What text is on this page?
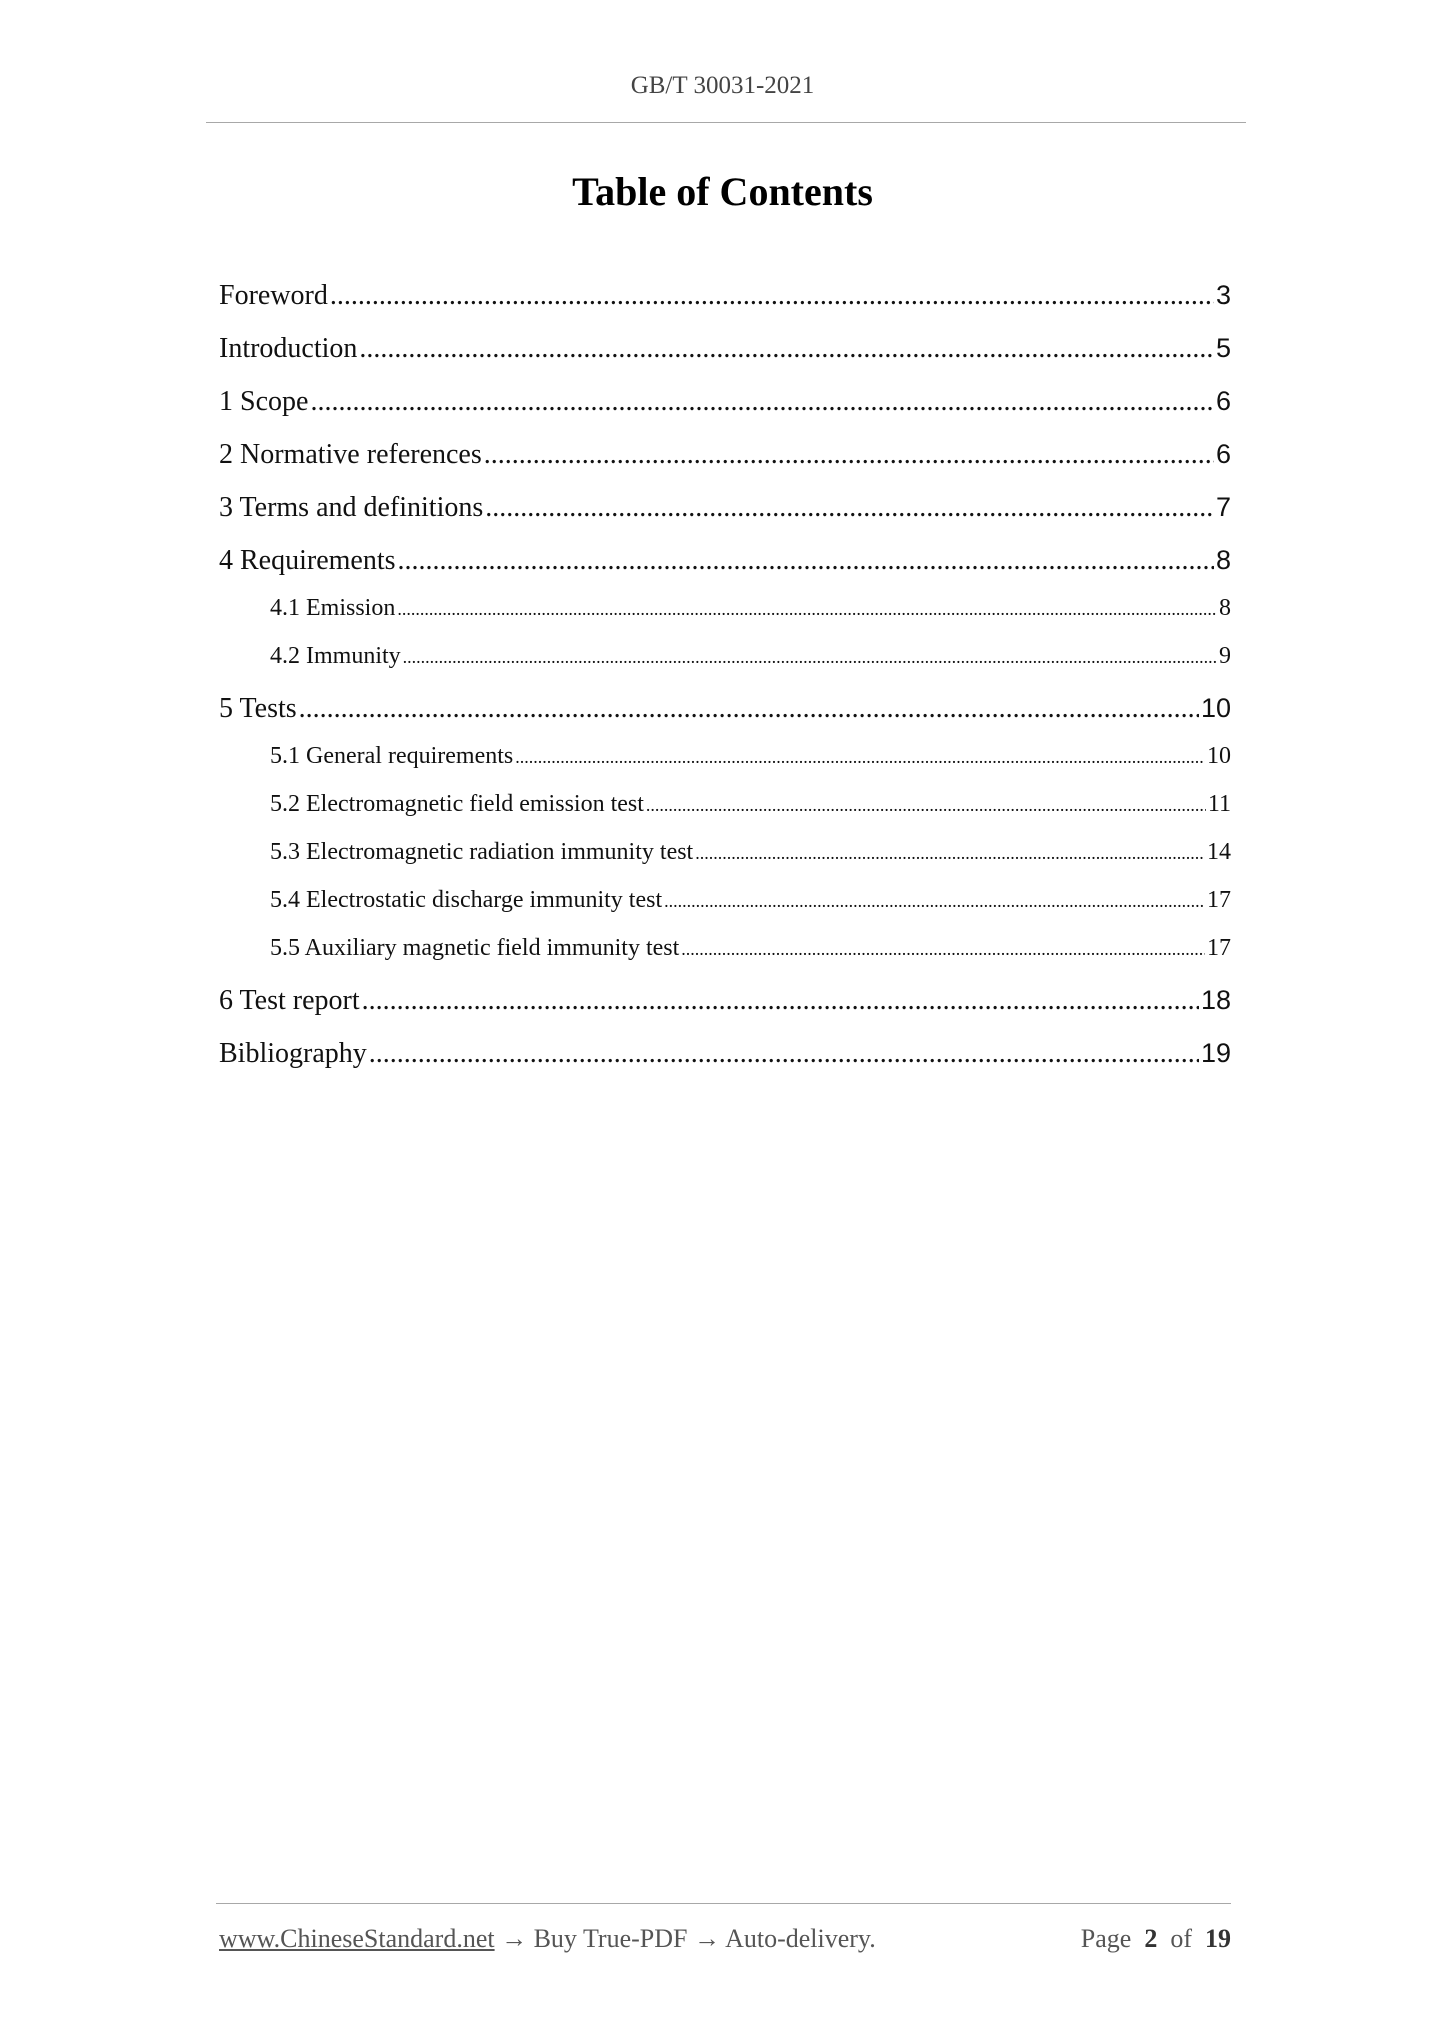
GB/T 30031-2021
Table of Contents
Foreword .....	3
Introduction .....	5
1 Scope .....	6
2 Normative references .....	6
3 Terms and definitions .....	7
4 Requirements .....	8
4.1 Emission .....	8
4.2 Immunity .....	9
5 Tests .....	10
5.1 General requirements .....	10
5.2 Electromagnetic field emission test .....	11
5.3 Electromagnetic radiation immunity test .....	14
5.4 Electrostatic discharge immunity test .....	17
5.5 Auxiliary magnetic field immunity test .....	17
6 Test report .....	18
Bibliography .....	19
www.ChineseStandard.net → Buy True-PDF → Auto-delivery.	Page 2 of 19
